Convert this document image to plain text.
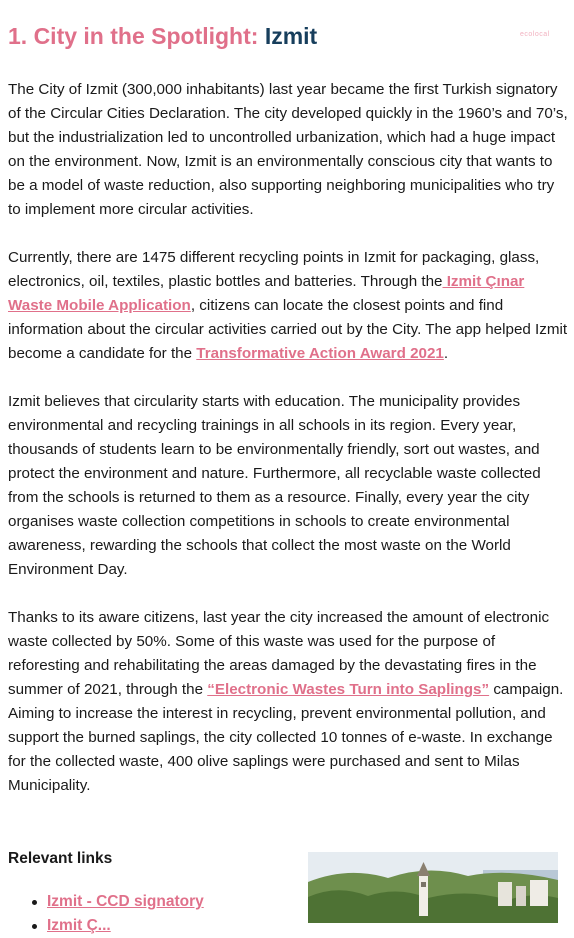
1. City in the Spotlight: Izmit	ecolocal

The City of Izmit (300,000 inhabitants) last year became the first Turkish signatory of the Circular Cities Declaration. The city developed quickly in the 1960’s and 70’s, but the industrialization led to uncontrolled urbanization, which had a huge impact on the environment. Now, Izmit is an environmentally conscious city that wants to be a model of waste reduction, also supporting neighboring municipalities who try to implement more circular activities.

Currently, there are 1475 different recycling points in Izmit for packaging, glass, electronics, oil, textiles, plastic bottles and batteries. Through the Izmit Çınar Waste Mobile Application, citizens can locate the closest points and find information about the circular activities carried out by the City. The app helped Izmit become a candidate for the Transformative Action Award 2021.

Izmit believes that circularity starts with education. The municipality provides environmental and recycling trainings in all schools in its region. Every year, thousands of students learn to be environmentally friendly, sort out wastes, and protect the environment and nature. Furthermore, all recyclable waste collected from the schools is returned to them as a resource. Finally, every year the city organises waste collection competitions in schools to create environmental awareness, rewarding the schools that collect the most waste on the World Environment Day.

Thanks to its aware citizens, last year the city increased the amount of electronic waste collected by 50%. Some of this waste was used for the purpose of reforesting and rehabilitating the areas damaged by the devastating fires in the summer of 2021, through the “Electronic Wastes Turn into Saplings” campaign. Aiming to increase the interest in recycling, prevent environmental pollution, and support the burned saplings, the city collected 10 tonnes of e-waste. In exchange for the collected waste, 400 olive saplings were purchased and sent to Milas Municipality.

Relevant links
Izmit - CCD signatory
Izmit Ç...
